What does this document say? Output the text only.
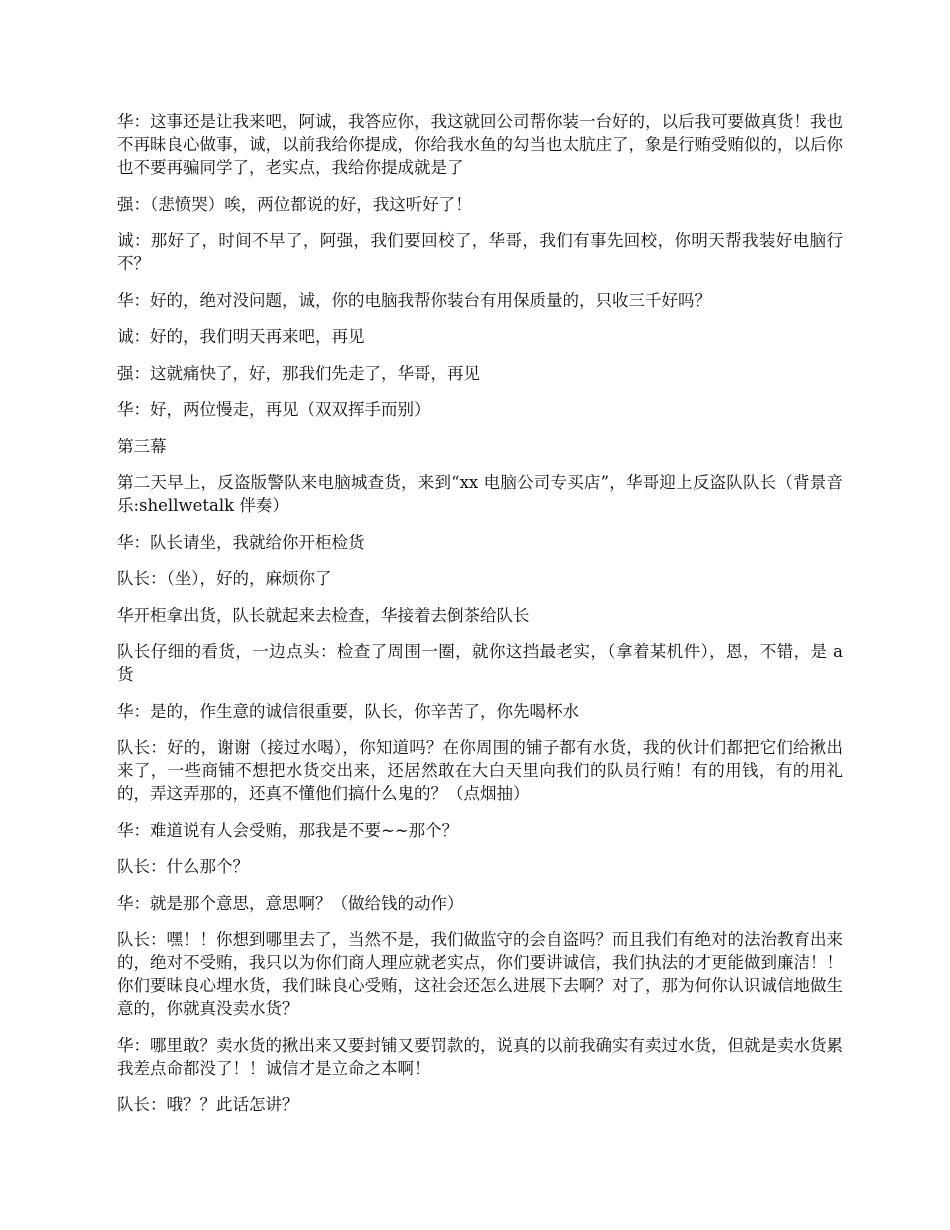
华：这事还是让我来吧，阿诚，我答应你，我这就回公司帮你装一台好的，以后我可要做真货！我也不再昧良心做事，诚，以前我给你提成，你给我水鱼的勾当也太肮庄了，象是行贿受贿似的，以后你也不要再骗同学了，老实点，我给你提成就是了

强：（悲愤哭）唉，两位都说的好，我这听好了！

诚：那好了，时间不早了，阿强，我们要回校了，华哥，我们有事先回校，你明天帮我装好电脑行不？

华：好的，绝对没问题，诚，你的电脑我帮你装台有用保质量的，只收三千好吗？

诚：好的，我们明天再来吧，再见

强：这就痛快了，好，那我们先走了，华哥，再见

华：好，两位慢走，再见（双双挥手而别）

第三幕

第二天早上，反盗版警队来电脑城查货，来到“xx 电脑公司专买店”，华哥迎上反盗队队长（背景音乐:shellwetalk 伴奏）

华：队长请坐，我就给你开柜检货

队长：（坐），好的，麻烦你了

华开柜拿出货，队长就起来去检查，华接着去倒茶给队长

队长仔细的看货，一边点头：检查了周围一圈，就你这挡最老实，（拿着某机件），恩，不错，是 a 货

华：是的，作生意的诚信很重要，队长，你辛苦了，你先喝杯水

队长：好的，谢谢（接过水喝），你知道吗？在你周围的铺子都有水货，我的伙计们都把它们给揪出来了，一些商铺不想把水货交出来，还居然敢在大白天里向我们的队员行贿！有的用钱，有的用礼的，弄这弄那的，还真不懂他们搞什么鬼的？（点烟抽）

华：难道说有人会受贿，那我是不要~~那个？

队长：什么那个？

华：就是那个意思，意思啊？（做给钱的动作）

队长：嘿！！你想到哪里去了，当然不是，我们做监守的会自盗吗？而且我们有绝对的法治教育出来的，绝对不受贿，我只以为你们商人理应就老实点，你们要讲诚信，我们执法的才更能做到廉洁！！你们要昧良心埋水货，我们昧良心受贿，这社会还怎么进展下去啊？对了，那为何你认识诚信地做生意的，你就真没卖水货？

华：哪里敢？卖水货的揪出来又要封铺又要罚款的，说真的以前我确实有卖过水货，但就是卖水货累我差点命都没了！！诚信才是立命之本啊！

队长：哦？？此话怎讲？
